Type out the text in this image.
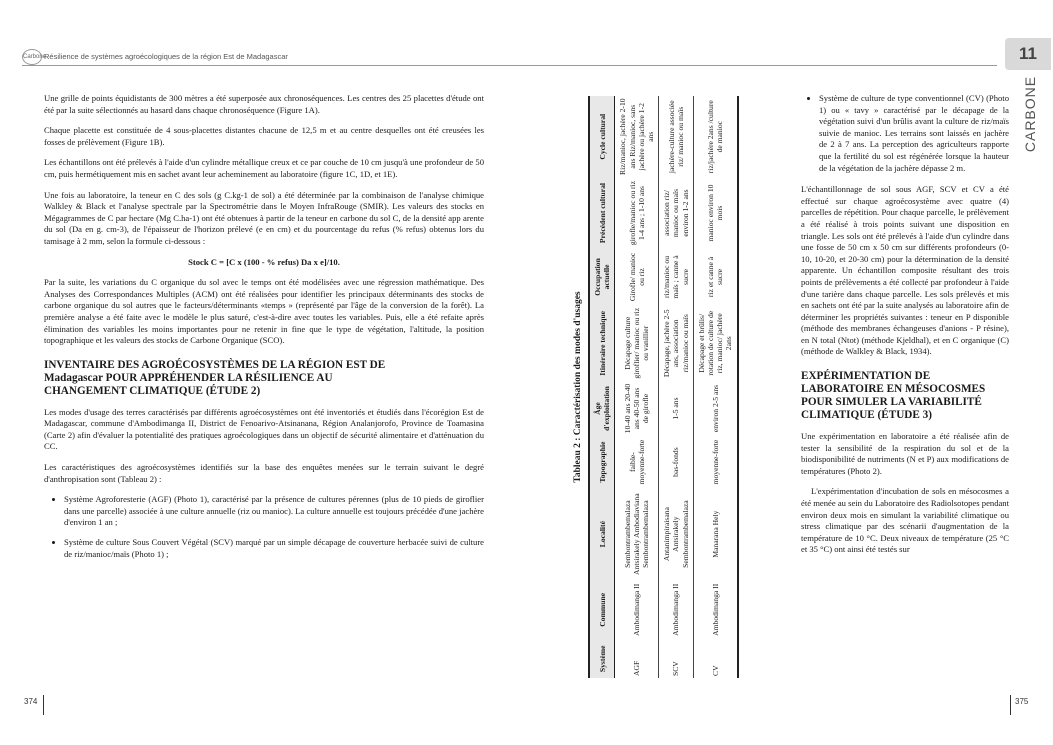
Carbone
Résilience de systèmes agroécologiques de la région Est de Madagascar	11
CARBONE

Une grille de points équidistants de 300 mètres a été superposée aux chronoséquences. Les centres des 25 placettes d'étude ont été par la suite sélectionnés au hasard dans chaque chronoséquence (Figure 1A).

Chaque placette est constituée de 4 sous-placettes distantes chacune de 12,5 m et au centre desquelles ont été creusées les fosses de prélèvement (Figure 1B).

Les échantillons ont été prélevés à l'aide d'un cylindre métallique creux et ce par couche de 10 cm jusqu'à une profondeur de 50 cm, puis hermétiquement mis en sachet avant leur acheminement au laboratoire (figure 1C, 1D, et 1E).

Une fois au laboratoire, la teneur en C des sols (g C.kg-1 de sol) a été déterminée par la combinaison de l'analyse chimique Walkley & Black et l'analyse spectrale par la Spectrométrie dans le Moyen InfraRouge (SMIR). Les valeurs des stocks en Mégagrammes de C par hectare (Mg C.ha-1) ont été obtenues à partir de la teneur en carbone du sol C, de la densité app arente du sol (Da en g. cm-3), de l'épaisseur de l'horizon prélevé (e en cm) et du pourcentage du refus (% refus) obtenus lors du tamisage à 2 mm, selon la formule ci-dessous :

Stock C = [C x (100 - % refus) Da x e]/10.

Par la suite, les variations du C organique du sol avec le temps ont été modélisées avec une régression mathématique. Des Analyses des Correspondances Multiples (ACM) ont été réalisées pour identifier les principaux déterminants des stocks de carbone organique du sol autres que le facteurs/déterminants «temps » (représenté par l'âge de la conversion de la forêt). La première analyse a été faite avec le modèle le plus saturé, c'est-à-dire avec toutes les variables. Puis, elle a été refaite après élimination des variables les moins importantes pour ne retenir in fine que le type de végétation, l'altitude, la position topographique et les valeurs des stocks de Carbone Organique (SCO).

INVENTAIRE DES AGROÉCOSYSTÈMES DE LA RÉGION EST DE Madagascar POUR APPRÉHENDER LA RÉSILIENCE AU CHANGEMENT CLIMATIQUE (ÉTUDE 2)

Les modes d'usage des terres caractérisés par différents agroécosystèmes ont été inventoriés et étudiés dans l'écorégion Est de Madagascar, commune d'Ambodimanga II, District de Fenoarivo-Atsinanana, Région Analanjorofo, Province de Toamasina (Carte 2) afin d'évaluer la potentialité des pratiques agroécologiques dans un objectif de sécurité alimentaire et d'atténuation du CC.

Les caractéristiques des agroécosystèmes identifiés sur la base des enquêtes menées sur le terrain suivant le degré d'anthropisation sont (Tableau 2) :

• Système Agroforesterie (AGF) (Photo 1), caractérisé par la présence de cultures pérennes (plus de 10 pieds de giroflier dans une parcelle) associée à une culture annuelle (riz ou manioc). La culture annuelle est toujours précédée d'une jachère d'environ 1 an ;
• Système de culture Sous Couvert Végétal (SCV) marqué par un simple décapage de couverture herbacée suivi de culture de riz/manioc/maïs (Photo 1) ;
Tableau 2 : Caractérisation des modes d'usages
Système	Commune	Localité	Topographie	Âge d'exploitation	Itinéraire technique	Occupation actuelle	Précédent cultural	Cycle cultural
AGF	Ambodimanga II	Sembontrambemalaza Antsirakely Ambodiaviana Sembontrambemalaza	faible-moyenne-forte	10-40 ans 20-40 ans 40-50 ans de girofle	Décapage culture giroflier/ manioc ou riz ou vanillier	Girofle/ manioc ou riz	girofle/manioc ou riz 1-4 ans ; 1-10 ans	Riz/manioc, jachère 2-10 ans Riz/manioc, sans jachère ou jachère 1-2 ans
SCV	Ambodimanga II	Antanimpiraisana Antsirakely Sembontrambemalaza	bas-fonds	1-5 ans	Décapage, jachère 2-5 ans, association riz/manioc ou maïs	riz/manioc ou maïs ; canne à sucre	association riz/ manioc ou maïs environ 1-2 ans	jachère-culture associée riz/ manioc ou maïs
CV	Ambodimanga II	Manarana Hely	moyenne-forte	environ 2-5 ans	Décapage et brûlis/ rotation de culture de riz, manioc/ jachère 2ans	riz et canne à sucre	manioc environ 10 mois	riz/jachère 2ans /culture de manioc
• Système de culture de type conventionnel (CV) (Photo 1) ou « tavy » caractérisé par le décapage de la végétation suivi d'un brûlis avant la culture de riz/maïs suivie de manioc. Les terrains sont laissés en jachère de 2 à 7 ans. La perception des agriculteurs rapporte que la fertilité du sol est régénérée lorsque la hauteur de la végétation de la jachère dépasse 2 m.

L'échantillonnage de sol sous AGF, SCV et CV a été effectué sur chaque agroécosystème avec quatre (4) parcelles de répétition. Pour chaque parcelle, le prélèvement a été réalisé à trois points suivant une disposition en triangle. Les sols ont été prélevés à l'aide d'un cylindre dans une fosse de 50 cm x 50 cm sur différents profondeurs (0-10, 10-20, et 20-30 cm) pour la détermination de la densité apparente. Un échantillon composite résultant des trois points de prélèvements a été collecté par profondeur à l'aide d'une tarière dans chaque parcelle. Les sols prélevés et mis en sachets ont été par la suite analysés au laboratoire afin de déterminer les propriétés suivantes : teneur en P disponible (méthode des membranes échangeuses d'anions - P résine), en N total (Ntot) (méthode Kjeldhal), et en C organique (C) (méthode de Walkley & Black, 1934).

EXPÉRIMENTATION DE LABORATOIRE EN MÉSOCOSMES POUR SIMULER LA VARIABILITÉ CLIMATIQUE (ÉTUDE 3)

Une expérimentation en laboratoire a été réalisée afin de tester la sensibilité de la respiration du sol et de la biodisponibilité de nutriments (N et P) aux modifications de températures (Photo 2).

L'expérimentation d'incubation de sols en mésocosmes a été menée au sein du Laboratoire des Radiolsotopes pendant environ deux mois en simulant la variabilité climatique ou stress climatique par des scénarii d'augmentation de la température de 10 °C. Deux niveaux de température (25 °C et 35 °C) ont ainsi été testés sur

374	375
